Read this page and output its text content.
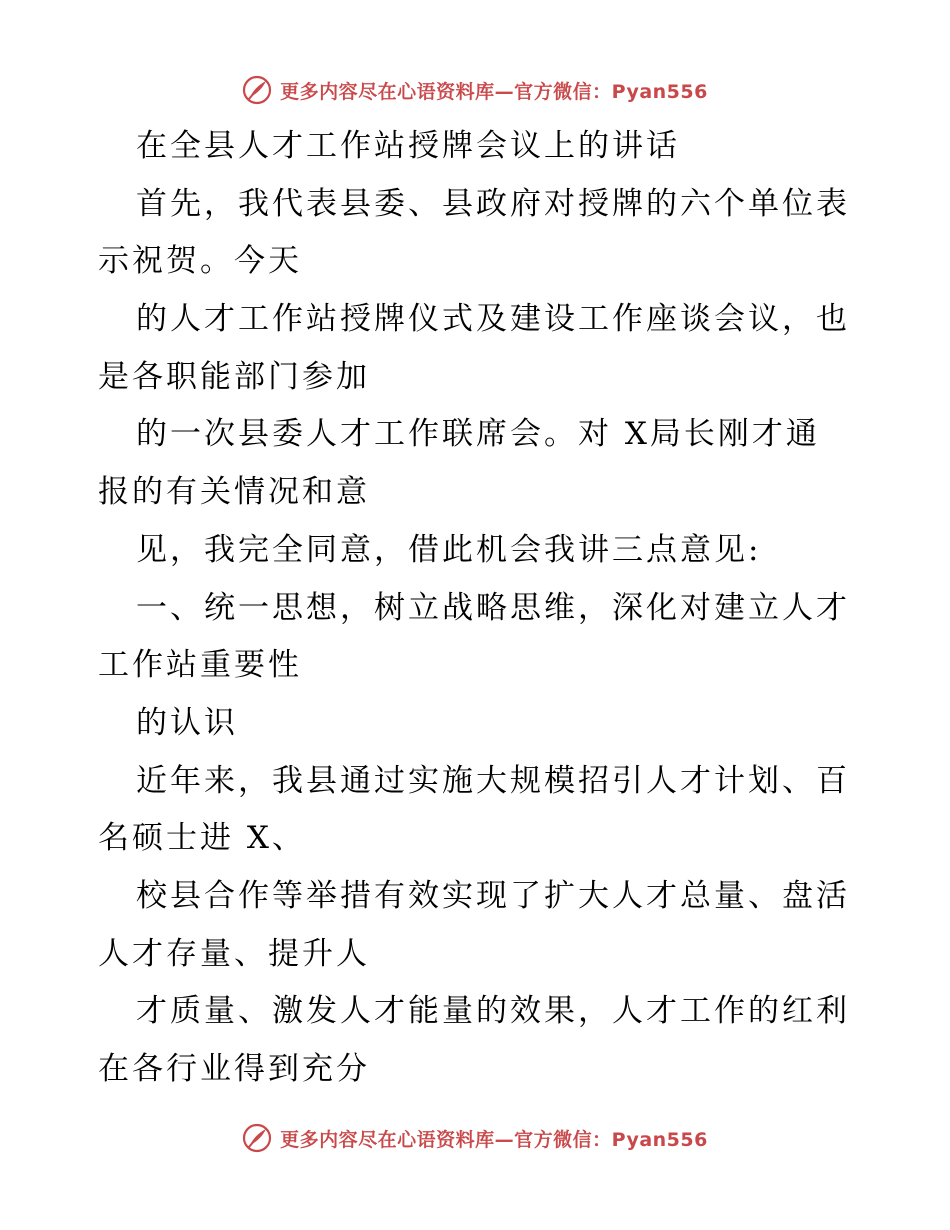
更多内容尽在心语资料库—官方微信：Pyan556
在全县人才工作站授牌会议上的讲话
首先，我代表县委、县政府对授牌的六个单位表
示祝贺。今天
的人才工作站授牌仪式及建设工作座谈会议，也
是各职能部门参加
的一次县委人才工作联席会。对 X局长刚才通
报的有关情况和意
见，我完全同意，借此机会我讲三点意见:
一、统一思想，树立战略思维，深化对建立人才
工作站重要性
的认识
近年来，我县通过实施大规模招引人才计划、百
名硕士进 X、
校县合作等举措有效实现了扩大人才总量、盘活
人才存量、提升人
才质量、激发人才能量的效果，人才工作的红利
在各行业得到充分
更多内容尽在心语资料库—官方微信：Pyan556
